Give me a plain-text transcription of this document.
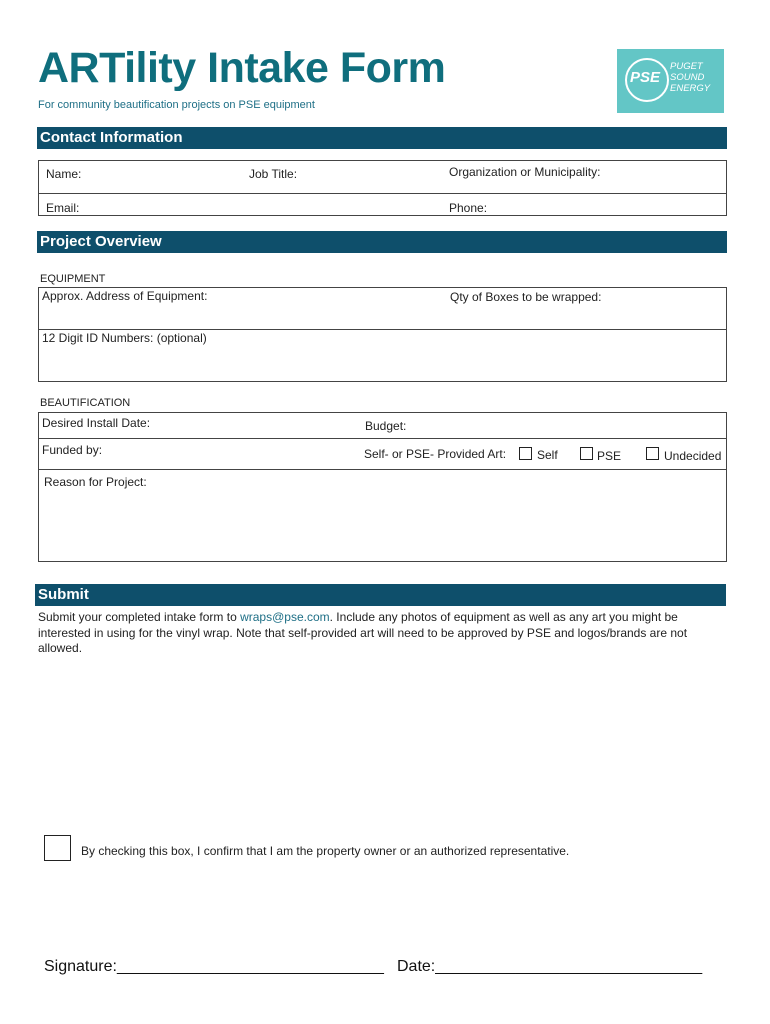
ARTility Intake Form
For community beautification projects on PSE equipment
PSE
PUGET
SOUND
ENERGY
Contact Information
Name:	Job Title:	Organization or Municipality:
Email:	Phone:
Project Overview
EQUIPMENT
Approx. Address of Equipment:	Qty of Boxes to be wrapped:
12 Digit ID Numbers: (optional)
BEAUTIFICATION
Desired Install Date:	Budget:
Funded by:	Self- or PSE- Provided Art:	Self	PSE	Undecided
Reason for Project:
Submit
Submit your completed intake form to wraps@pse.com. Include any photos of equipment as well as any art you might be interested in using for the vinyl wrap. Note that self-provided art will need to be approved by PSE and logos/brands are not allowed.
By checking this box, I confirm that I am the property owner or an authorized representative.
Signature:______________________________ Date:______________________________
